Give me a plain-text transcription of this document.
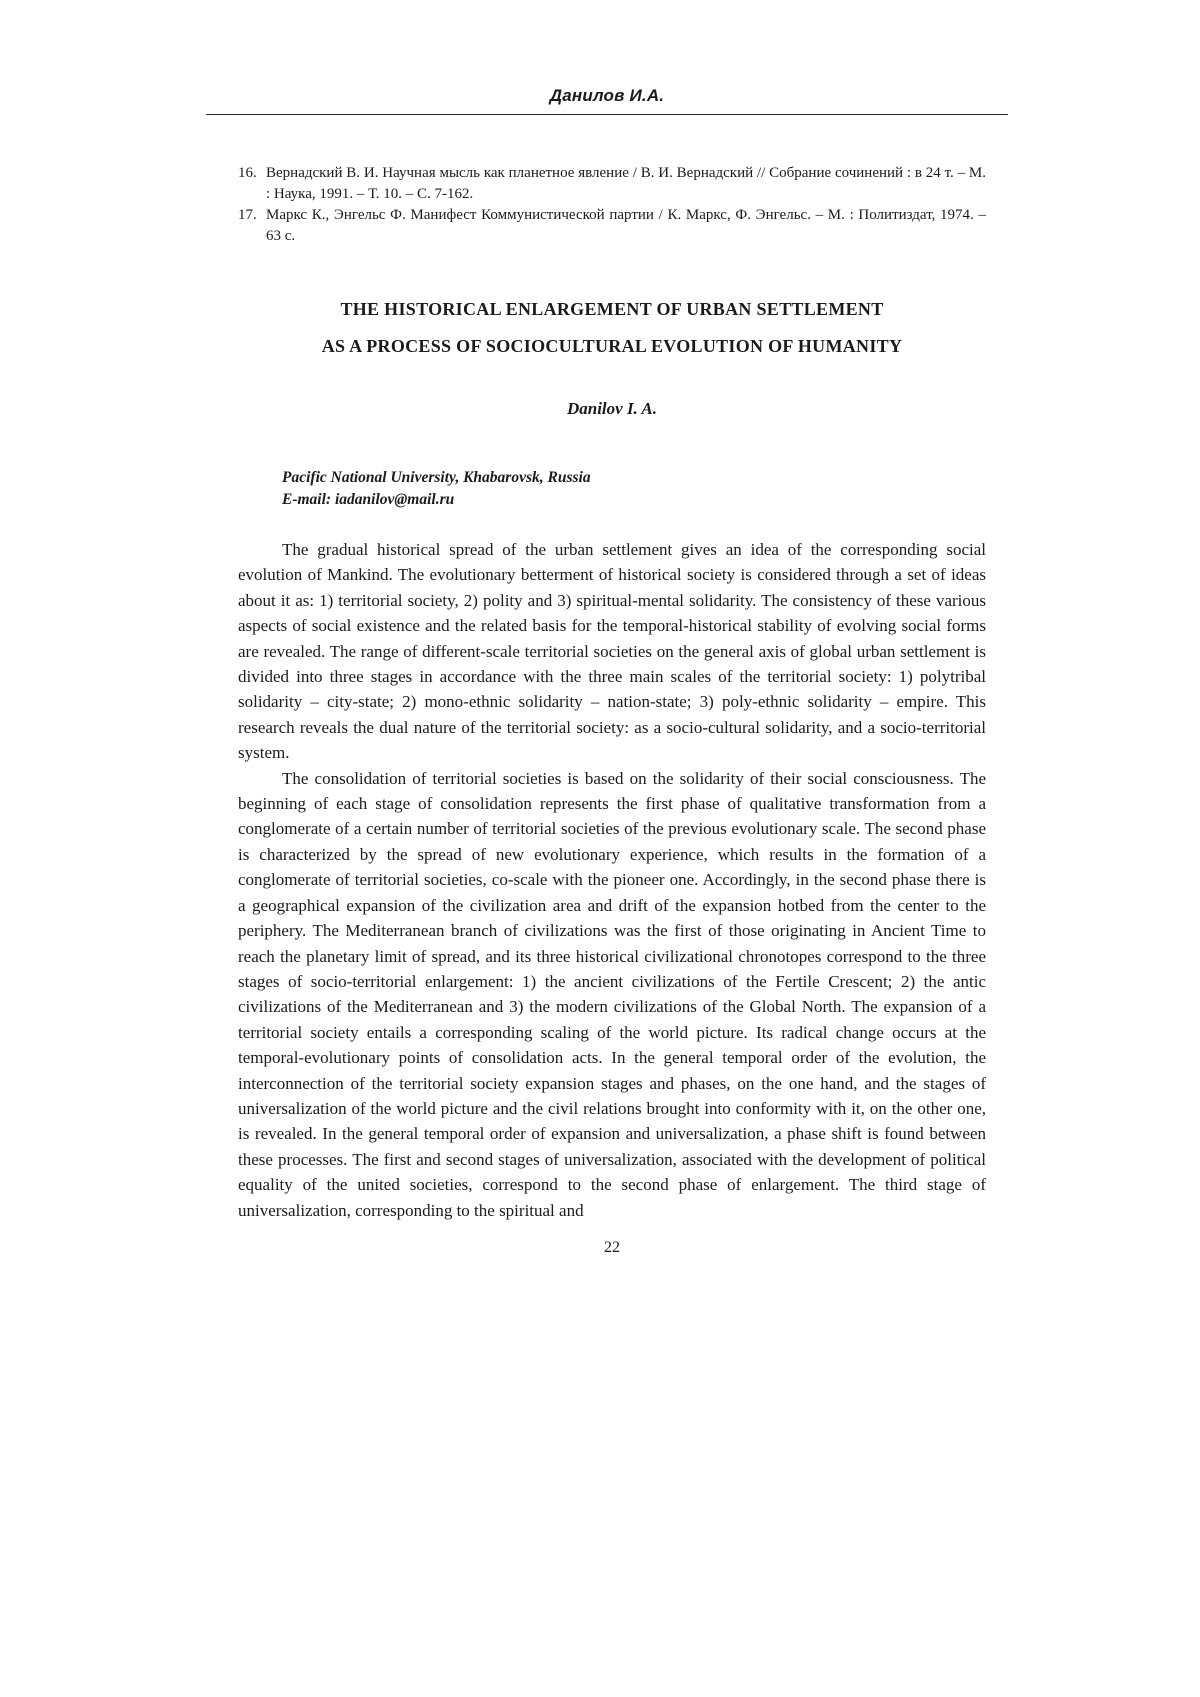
Данилов И.А.
16. Вернадский В. И. Научная мысль как планетное явление / В. И. Вернадский // Собрание сочинений : в 24 т. – М. : Наука, 1991. – Т. 10. – С. 7-162.
17. Маркс К., Энгельс Ф. Манифест Коммунистической партии / К. Маркс, Ф. Энгельс. – М. : Политиздат, 1974. – 63 с.
THE HISTORICAL ENLARGEMENT OF URBAN SETTLEMENT
AS A PROCESS OF SOCIOCULTURAL EVOLUTION OF HUMANITY
Danilov I. A.
Pacific National University, Khabarovsk, Russia
E-mail: iadanilov@mail.ru

The gradual historical spread of the urban settlement gives an idea of the corresponding social evolution of Mankind. The evolutionary betterment of historical society is considered through a set of ideas about it as: 1) territorial society, 2) polity and 3) spiritual-mental solidarity. The consistency of these various aspects of social existence and the related basis for the temporal-historical stability of evolving social forms are revealed. The range of different-scale territorial societies on the general axis of global urban settlement is divided into three stages in accordance with the three main scales of the territorial society: 1) polytribal solidarity – city-state; 2) mono-ethnic solidarity – nation-state; 3) poly-ethnic solidarity – empire. This research reveals the dual nature of the territorial society: as a socio-cultural solidarity, and a socio-territorial system.

The consolidation of territorial societies is based on the solidarity of their social consciousness. The beginning of each stage of consolidation represents the first phase of qualitative transformation from a conglomerate of a certain number of territorial societies of the previous evolutionary scale. The second phase is characterized by the spread of new evolutionary experience, which results in the formation of a conglomerate of territorial societies, co-scale with the pioneer one. Accordingly, in the second phase there is a geographical expansion of the civilization area and drift of the expansion hotbed from the center to the periphery. The Mediterranean branch of civilizations was the first of those originating in Ancient Time to reach the planetary limit of spread, and its three historical civilizational chronotopes correspond to the three stages of socio-territorial enlargement: 1) the ancient civilizations of the Fertile Crescent; 2) the antic civilizations of the Mediterranean and 3) the modern civilizations of the Global North. The expansion of a territorial society entails a corresponding scaling of the world picture. Its radical change occurs at the temporal-evolutionary points of consolidation acts. In the general temporal order of the evolution, the interconnection of the territorial society expansion stages and phases, on the one hand, and the stages of universalization of the world picture and the civil relations brought into conformity with it, on the other one, is revealed. In the general temporal order of expansion and universalization, a phase shift is found between these processes. The first and second stages of universalization, associated with the development of political equality of the united societies, correspond to the second phase of enlargement. The third stage of universalization, corresponding to the spiritual and

22
